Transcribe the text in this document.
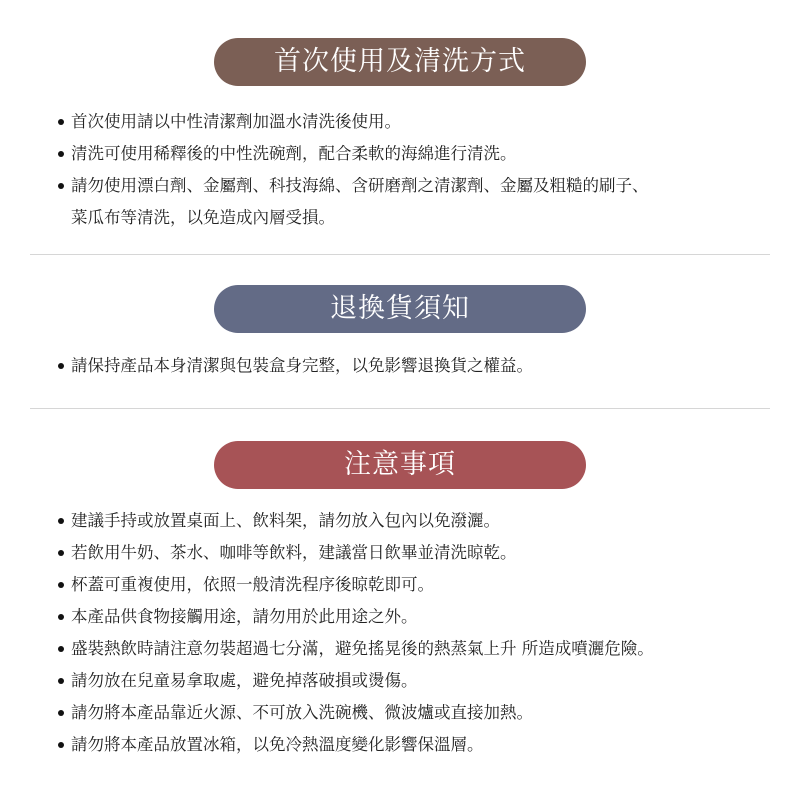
首次使用及清洗方式
首次使用請以中性清潔劑加溫水清洗後使用。
清洗可使用稀釋後的中性洗碗劑，配合柔軟的海綿進行清洗。
請勿使用漂白劑、金屬劑、科技海綿、含研磨劑之清潔劑、金屬及粗糙的刷子、
菜瓜布等清洗，以免造成內層受損。
退換貨須知
請保持產品本身清潔與包裝盒身完整，以免影響退換貨之權益。
注意事項
建議手持或放置桌面上、飲料架，請勿放入包內以免潑灑。
若飲用牛奶、茶水、咖啡等飲料，建議當日飲畢並清洗晾乾。
杯蓋可重複使用，依照一般清洗程序後晾乾即可。
本產品供食物接觸用途，請勿用於此用途之外。
盛裝熱飲時請注意勿裝超過七分滿，避免搖晃後的熱蒸氣上升 所造成噴灑危險。
請勿放在兒童易拿取處，避免掉落破損或燙傷。
請勿將本產品靠近火源、不可放入洗碗機、微波爐或直接加熱。
請勿將本產品放置冰箱，以免冷熱溫度變化影響保溫層。
